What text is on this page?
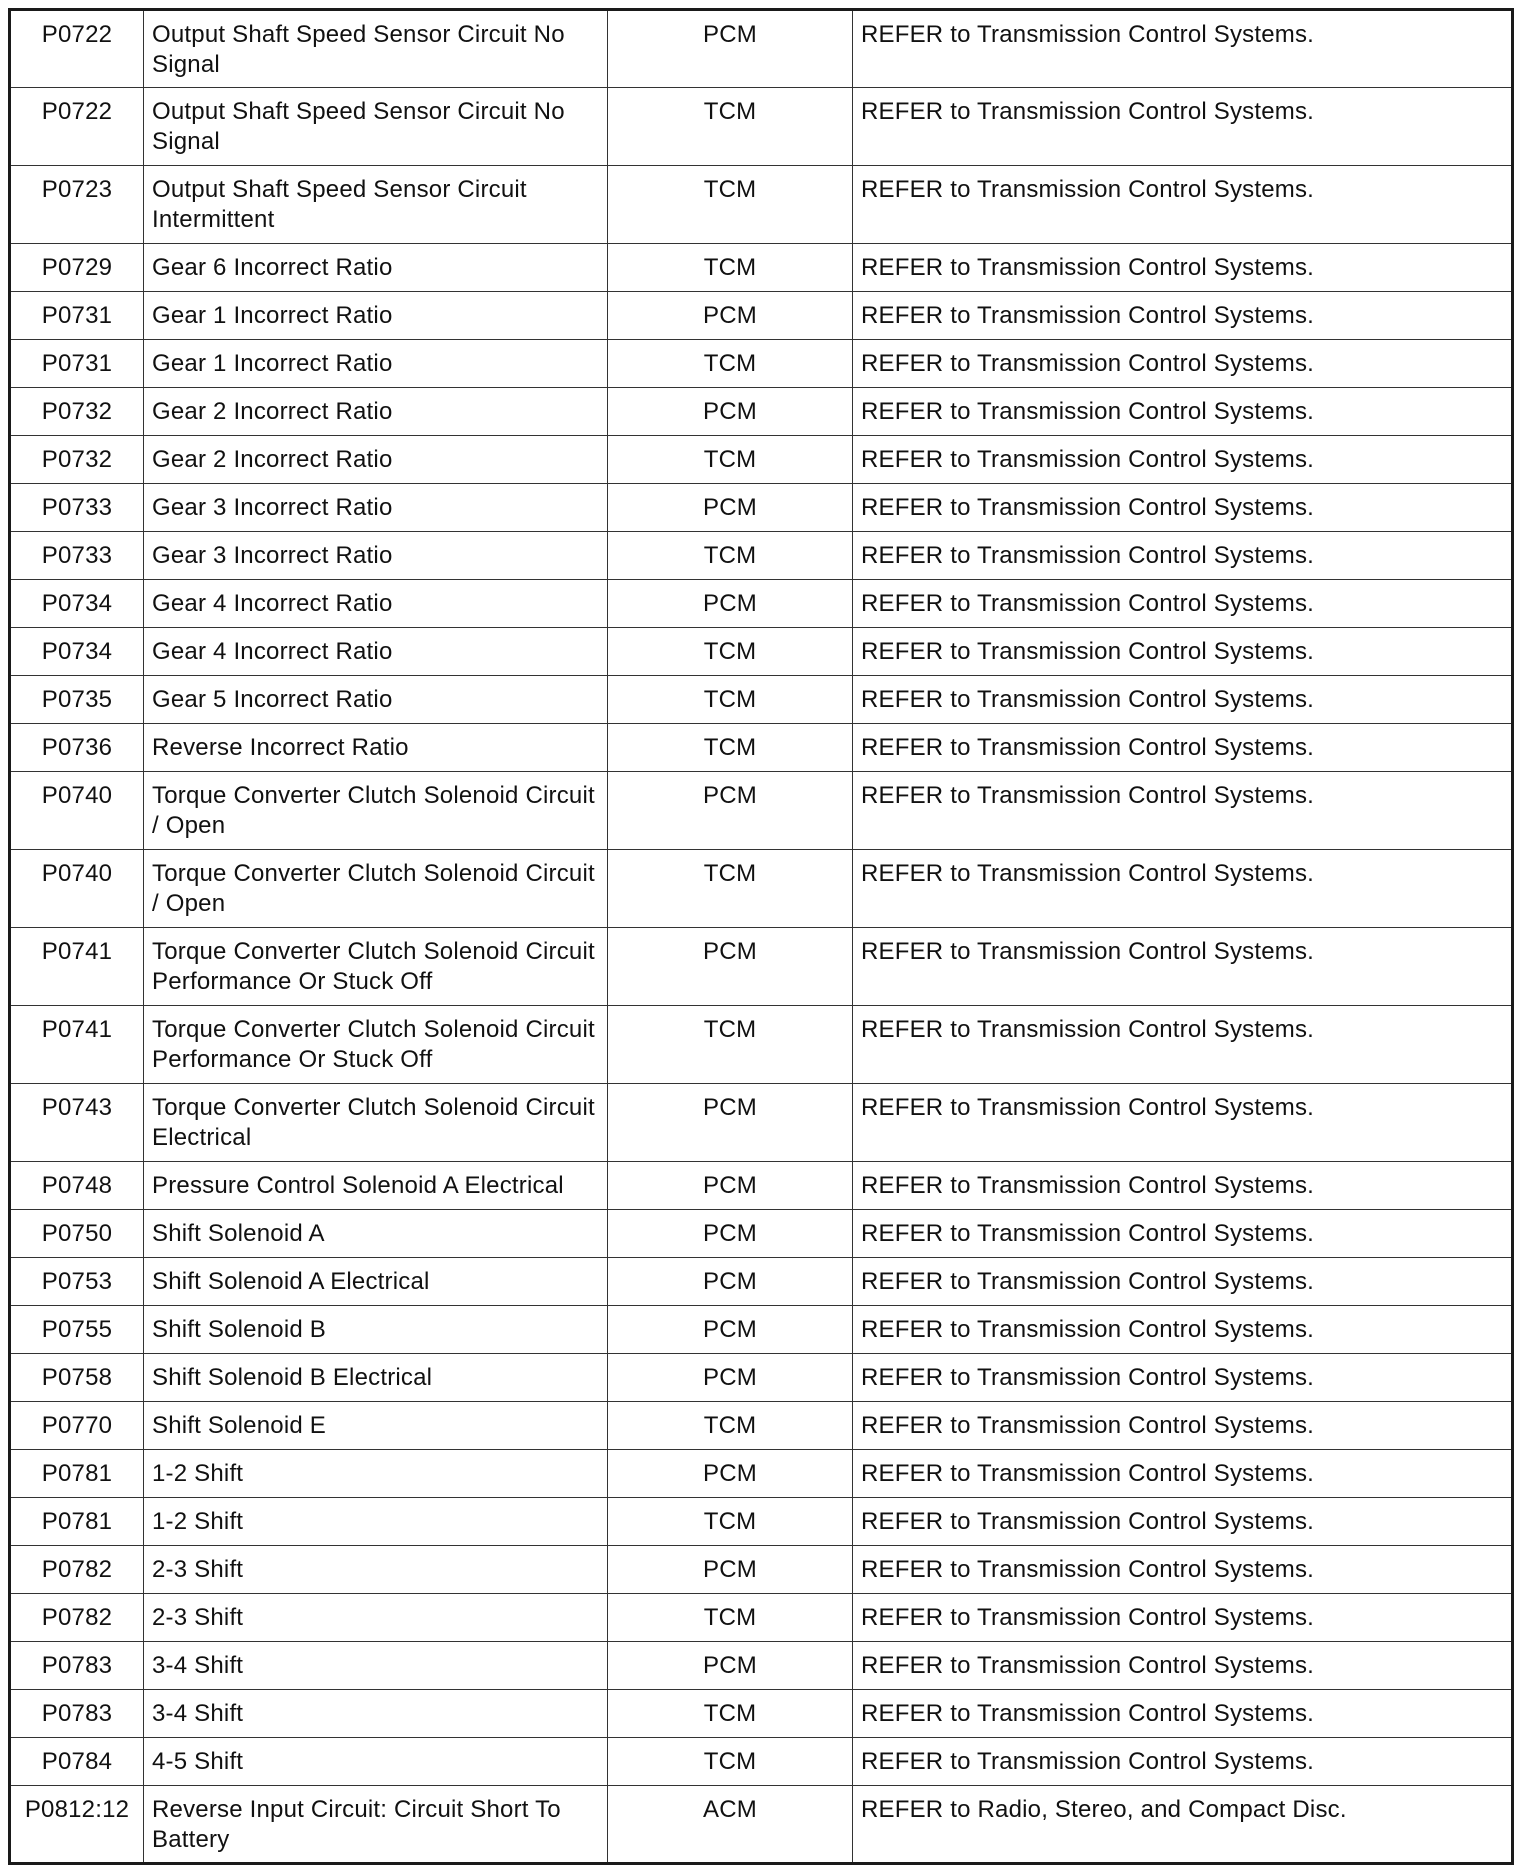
P0722	Output Shaft Speed Sensor Circuit No Signal	PCM	REFER to Transmission Control Systems.
P0722	Output Shaft Speed Sensor Circuit No Signal	TCM	REFER to Transmission Control Systems.
P0723	Output Shaft Speed Sensor Circuit Intermittent	TCM	REFER to Transmission Control Systems.
P0729	Gear 6 Incorrect Ratio	TCM	REFER to Transmission Control Systems.
P0731	Gear 1 Incorrect Ratio	PCM	REFER to Transmission Control Systems.
P0731	Gear 1 Incorrect Ratio	TCM	REFER to Transmission Control Systems.
P0732	Gear 2 Incorrect Ratio	PCM	REFER to Transmission Control Systems.
P0732	Gear 2 Incorrect Ratio	TCM	REFER to Transmission Control Systems.
P0733	Gear 3 Incorrect Ratio	PCM	REFER to Transmission Control Systems.
P0733	Gear 3 Incorrect Ratio	TCM	REFER to Transmission Control Systems.
P0734	Gear 4 Incorrect Ratio	PCM	REFER to Transmission Control Systems.
P0734	Gear 4 Incorrect Ratio	TCM	REFER to Transmission Control Systems.
P0735	Gear 5 Incorrect Ratio	TCM	REFER to Transmission Control Systems.
P0736	Reverse Incorrect Ratio	TCM	REFER to Transmission Control Systems.
P0740	Torque Converter Clutch Solenoid Circuit / Open	PCM	REFER to Transmission Control Systems.
P0740	Torque Converter Clutch Solenoid Circuit / Open	TCM	REFER to Transmission Control Systems.
P0741	Torque Converter Clutch Solenoid Circuit Performance Or Stuck Off	PCM	REFER to Transmission Control Systems.
P0741	Torque Converter Clutch Solenoid Circuit Performance Or Stuck Off	TCM	REFER to Transmission Control Systems.
P0743	Torque Converter Clutch Solenoid Circuit Electrical	PCM	REFER to Transmission Control Systems.
P0748	Pressure Control Solenoid A Electrical	PCM	REFER to Transmission Control Systems.
P0750	Shift Solenoid A	PCM	REFER to Transmission Control Systems.
P0753	Shift Solenoid A Electrical	PCM	REFER to Transmission Control Systems.
P0755	Shift Solenoid B	PCM	REFER to Transmission Control Systems.
P0758	Shift Solenoid B Electrical	PCM	REFER to Transmission Control Systems.
P0770	Shift Solenoid E	TCM	REFER to Transmission Control Systems.
P0781	1-2 Shift	PCM	REFER to Transmission Control Systems.
P0781	1-2 Shift	TCM	REFER to Transmission Control Systems.
P0782	2-3 Shift	PCM	REFER to Transmission Control Systems.
P0782	2-3 Shift	TCM	REFER to Transmission Control Systems.
P0783	3-4 Shift	PCM	REFER to Transmission Control Systems.
P0783	3-4 Shift	TCM	REFER to Transmission Control Systems.
P0784	4-5 Shift	TCM	REFER to Transmission Control Systems.
P0812:12	Reverse Input Circuit: Circuit Short To Battery	ACM	REFER to Radio, Stereo, and Compact Disc.
